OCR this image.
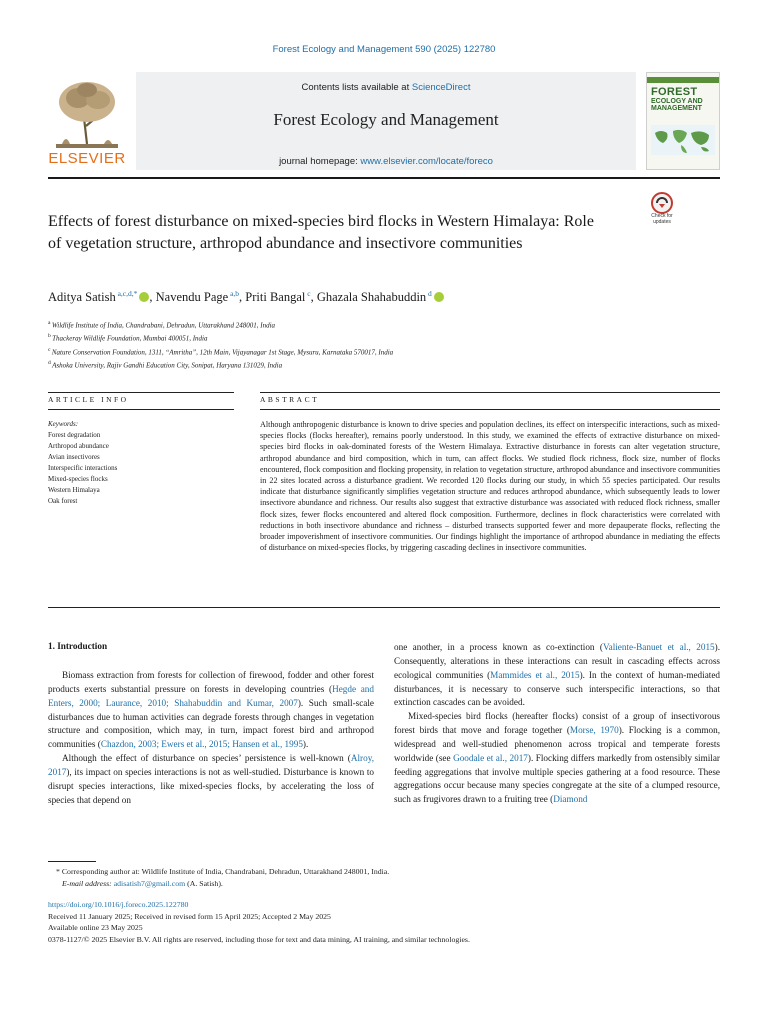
Forest Ecology and Management 590 (2025) 122780
ELSEVIER
Contents lists available at ScienceDirect
Forest Ecology and Management
journal homepage: www.elsevier.com/locate/foreco
FOREST
ECOLOGY AND
MANAGEMENT
Check for updates
Effects of forest disturbance on mixed-species bird flocks in Western Himalaya: Role of vegetation structure, arthropod abundance and insectivore communities
Aditya Satish $^{a,c,d,*}$ , Navendu Page $^{a,b}$, Priti Bangal $^c$, Ghazala Shahabuddin $^d$
$^a$ Wildlife Institute of India, Chandrabani, Dehradun, Uttarakhand 248001, India
$^b$ Thackeray Wildlife Foundation, Mumbai 400051, India
$^c$ Nature Conservation Foundation, 1311, “Amritha”, 12th Main, Vijayanagar 1st Stage, Mysuru, Karnataka 570017, India
$^d$ Ashoka University, Rajiv Gandhi Education City, Sonipat, Haryana 131029, India
ARTICLE INFO	ABSTRACT
Keywords:
Forest degradation
Arthropod abundance
Avian insectivores
Interspecific interactions
Mixed-species flocks
Western Himalaya
Oak forest
Although anthropogenic disturbance is known to drive species and population declines, its effect on interspecific interactions, such as mixed-species flocks (flocks hereafter), remains poorly understood. In this study, we examined the effects of extractive disturbance on mixed-species bird flocks in oak-dominated forests of the Western Himalaya. Extractive disturbance in forests can alter vegetation structure, arthropod abundance and bird composition, which in turn, can affect flocks. We studied flock richness, flock size, number of flocks encountered, flock composition and flocking propensity, in relation to vegetation structure, arthropod abundance and insectivore communities in 22 sites located across a disturbance gradient. We recorded 120 flocks during our study, in which 55 species participated. Our results indicate that disturbance significantly simplifies vegetation structure and reduces arthropod abundance, which subsequently leads to lower insectivore abundance and richness. Our results also suggest that extractive disturbance was associated with reduced flock richness, smaller flock sizes, fewer flocks encountered and altered flock composition. Furthermore, declines in flock characteristics were correlated with reductions in both insectivore abundance and richness – disturbed transects supported fewer and more depauperate flocks, reflecting the broader impoverishment of insectivore communities. Our findings highlight the importance of arthropod abundance in mediating the effects of disturbance on mixed-species flocks, by triggering cascading declines in insectivore communities.
1. Introduction

Biomass extraction from forests for collection of firewood, fodder and other forest products exerts substantial pressure on forests in developing countries (Hegde and Enters, 2000; Laurance, 2010; Shahabuddin and Kumar, 2007). Such small-scale disturbances due to human activities can degrade forests through changes in vegetation structure and composition, which may, in turn, impact forest bird and arthropod communities (Chazdon, 2003; Ewers et al., 2015; Hansen et al., 1995).

Although the effect of disturbance on species’ persistence is well-known (Alroy, 2017), its impact on species interactions is not as well-studied. Disturbance is known to disrupt species interactions, like mixed-species flocks, by accelerating the loss of species that depend on

one another, in a process known as co-extinction (Valiente-Banuet et al., 2015). Consequently, alterations in these interactions can result in cascading effects across ecological communities (Mammides et al., 2015). In the context of human-mediated disturbances, it is necessary to conserve such interspecific interactions, so that extinction cascades can be avoided.

Mixed-species bird flocks (hereafter flocks) consist of a group of insectivorous forest birds that move and forage together (Morse, 1970). Flocking is a common, widespread and well-studied phenomenon across tropical and temperate forests worldwide (see Goodale et al., 2017). Flocking differs markedly from ostensibly similar feeding aggregations that involve multiple species gathering at a food resource. These aggregations occur because many species congregate at the site of a clumped resource, such as frugivores drawn to a fruiting tree (Diamond

* Corresponding author at: Wildlife Institute of India, Chandrabani, Dehradun, Uttarakhand 248001, India.
E-mail address: adisatish7@gmail.com (A. Satish).
https://doi.org/10.1016/j.foreco.2025.122780
Received 11 January 2025; Received in revised form 15 April 2025; Accepted 2 May 2025
Available online 23 May 2025
0378-1127/© 2025 Elsevier B.V. All rights are reserved, including those for text and data mining, AI training, and similar technologies.
